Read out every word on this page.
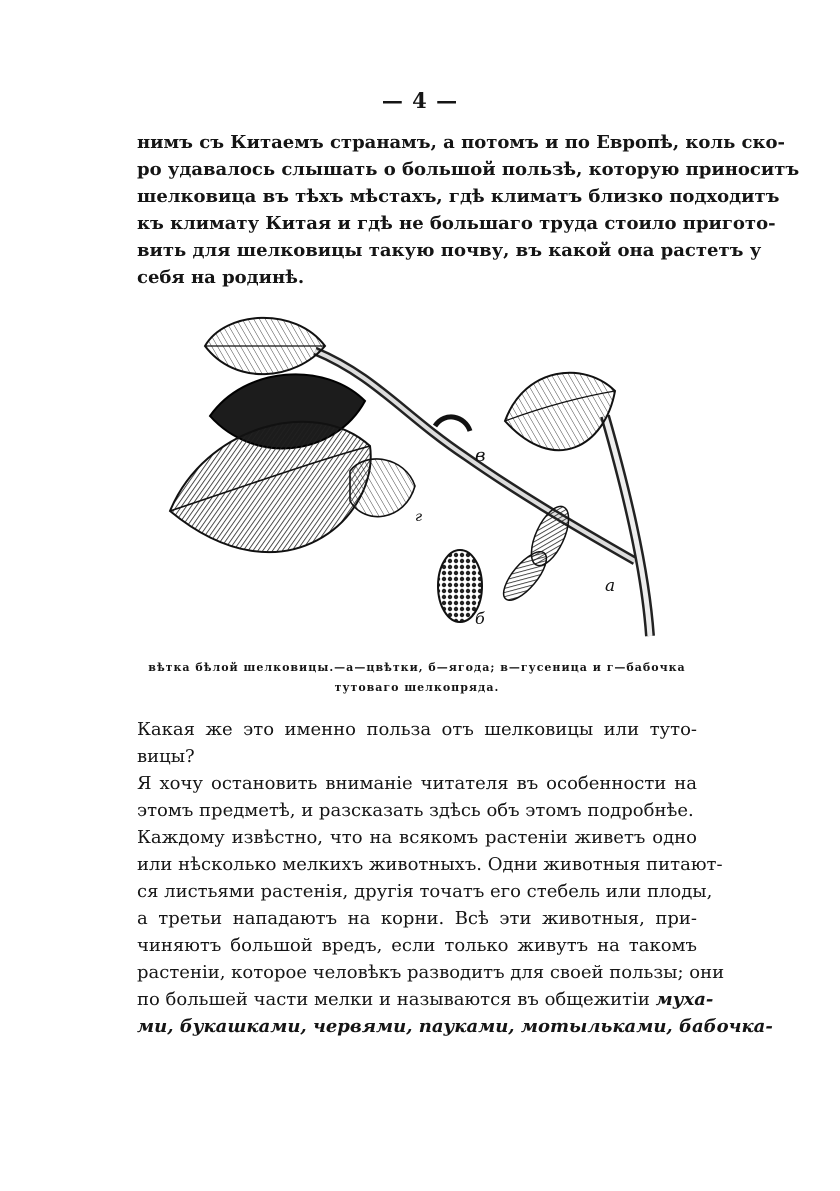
— 4 —
нимъ съ Китаемъ странамъ, а потомъ и по Европѣ, коль ско-
ро удавалось слышать о большой пользѣ, которую приноситъ
шелковица въ тѣхъ мѣстахъ, гдѣ климатъ близко подходитъ
къ климату Китая и гдѣ не большаго труда стоило пригото-
вить для шелковицы такую почву, въ какой она растетъ у
себя на родинѣ.
в
г
б
а
вѣтка бѣлой шелковицы.—а—цвѣтки, б—ягода; в—гусеница и г—бабочка
тутоваго шелкопряда.
Какая же это именно польза отъ шелковицы или туто-
вицы?
Я хочу остановить вниманіе читателя въ особенности на
этомъ предметѣ, и разсказать здѣсь объ этомъ подробнѣе.
Каждому извѣстно, что на всякомъ растеніи живетъ одно
или нѣсколько мелкихъ животныхъ. Одни животныя питают-
ся листьями растенія, другія точатъ его стебель или плоды,
а третьи нападаютъ на корни. Всѣ эти животныя, при-
чиняютъ большой вредъ, если только живутъ на такомъ
растеніи, которое человѣкъ разводитъ для своей пользы; они
по большей части мелки и называются въ общежитіи муха-
ми, букашками, червями, пауками, мотыльками, бабочка-
